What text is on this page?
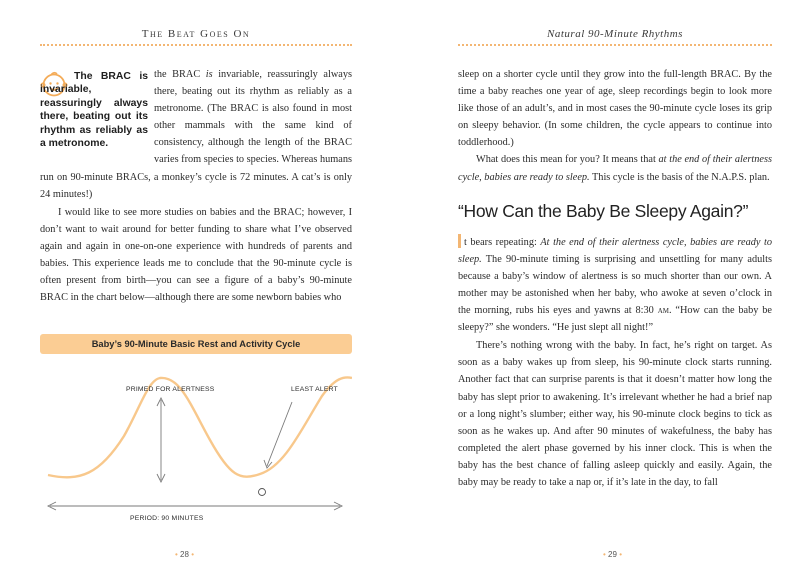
The Beat Goes On
The BRAC is invariable, reassuringly always there, beating out its rhythm as reliably as a metronome.

the BRAC is invariable, reassuringly always there, beating out its rhythm as reliably as a metronome. (The BRAC is also found in most other mammals with the same kind of consistency, although the length of the BRAC varies from species to species. Whereas humans run on 90-minute BRACs, a monkey’s cycle is 72 minutes. A cat’s is only 24 minutes!)

I would like to see more studies on babies and the BRAC; however, I don’t want to wait around for better funding to share what I’ve observed again and again in one-on-one experience with hundreds of parents and babies. This experience leads me to conclude that the 90-minute cycle is often present from birth—you can see a figure of a baby’s 90-minute BRAC in the chart below—although there are some newborn babies who

Baby’s 90-Minute Basic Rest and Activity Cycle
PRIMED FOR ALERTNESS	LEAST ALERT
PERIOD: 90 MINUTES
• 28 •
Natural 90-Minute Rhythms

sleep on a shorter cycle until they grow into the full-length BRAC. By the time a baby reaches one year of age, sleep recordings begin to look more like those of an adult’s, and in most cases the 90-minute cycle loses its grip on sleepy behavior. (In some children, the cycle appears to continue into toddlerhood.)

What does this mean for you? It means that at the end of their alertness cycle, babies are ready to sleep. This cycle is the basis of the N.A.P.S. plan.

“How Can the Baby Be Sleepy Again?”

t bears repeating: At the end of their alertness cycle, babies are ready to sleep. The 90-minute timing is surprising and unsettling for many adults because a baby’s window of alertness is so much shorter than our own. A mother may be astonished when her baby, who awoke at seven o’clock in the morning, rubs his eyes and yawns at 8:30 am. “How can the baby be sleepy?” she wonders. “He just slept all night!”

There’s nothing wrong with the baby. In fact, he’s right on target. As soon as a baby wakes up from sleep, his 90-minute clock starts running. Another fact that can surprise parents is that it doesn’t matter how long the baby has slept prior to awakening. It’s irrelevant whether he had a brief nap or a long night’s slumber; either way, his 90-minute clock begins to tick as soon as he wakes up. And after 90 minutes of wakefulness, the baby has completed the alert phase governed by his inner clock. This is when the baby has the best chance of falling asleep quickly and easily. Again, the baby may be ready to take a nap or, if it’s late in the day, to fall

• 29 •
